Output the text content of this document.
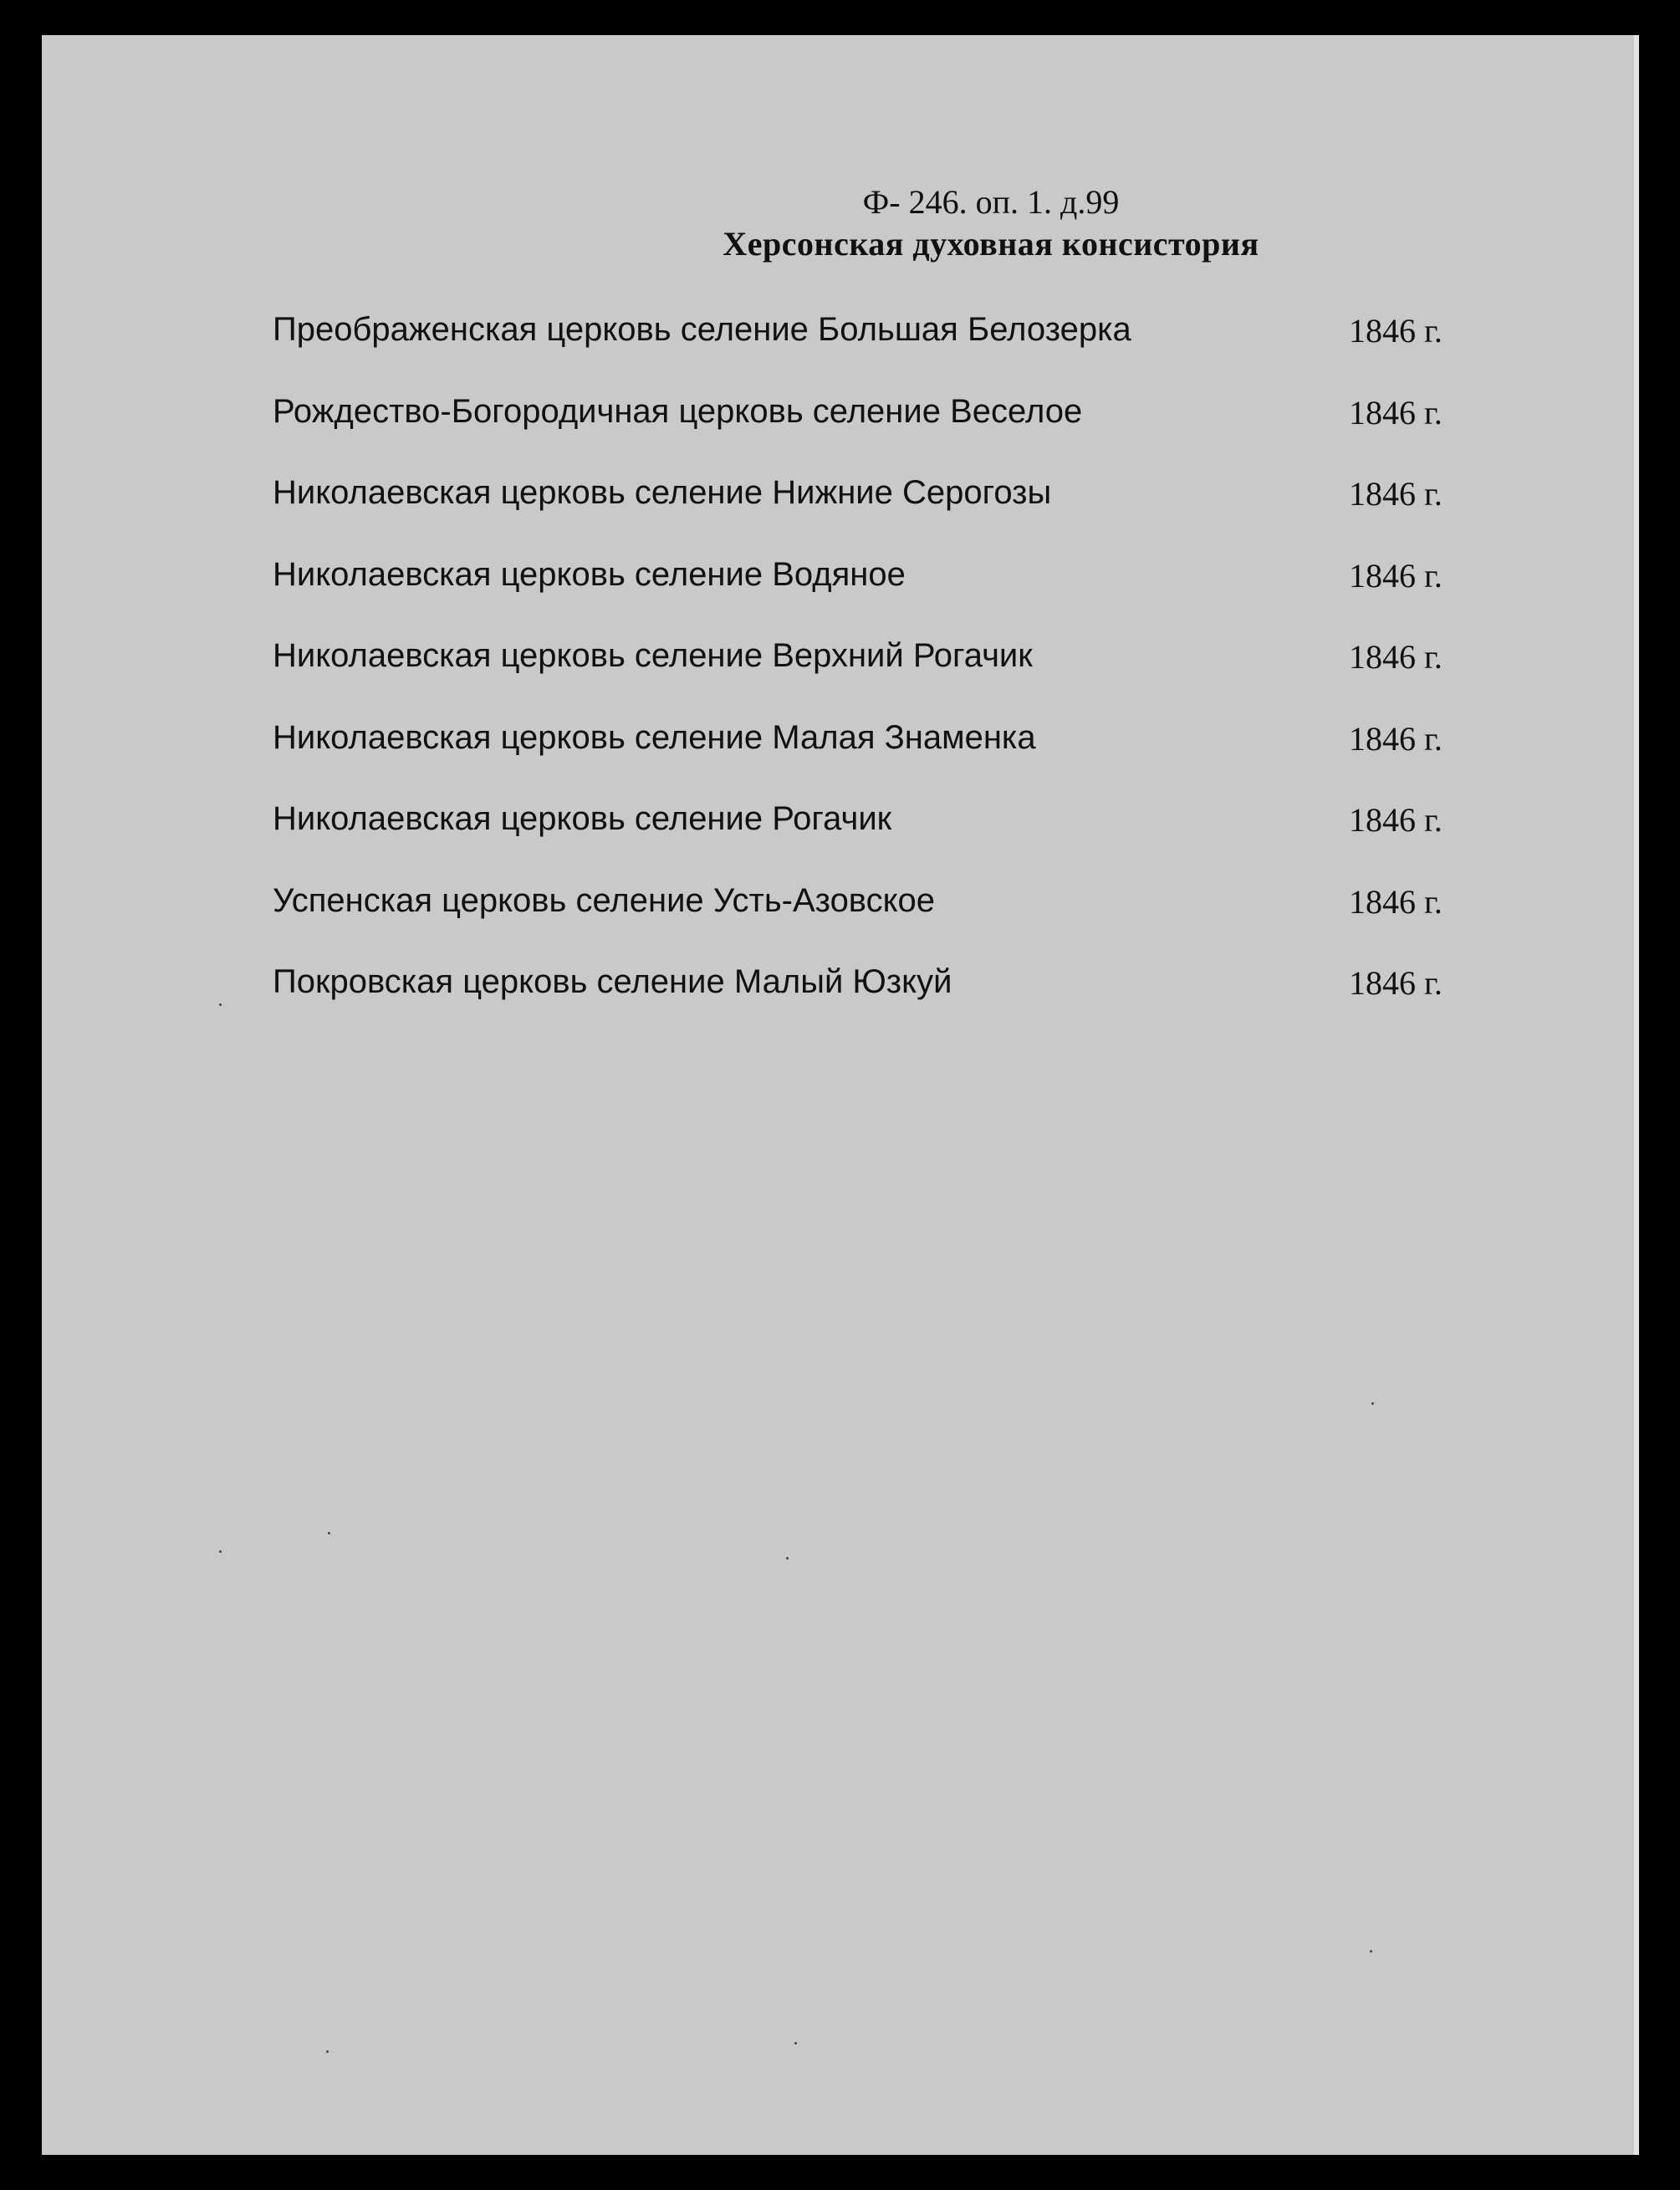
Ф- 246. оп. 1. д.99
Херсонская духовная консистория
Преображенская церковь селение Большая Белозерка	1846 г.
Рождество-Богородичная церковь селение Веселое	1846 г.
Николаевская церковь селение Нижние Серогозы	1846 г.
Николаевская церковь селение Водяное	1846 г.
Николаевская церковь селение Верхний Рогачик	1846 г.
Николаевская церковь селение Малая Знаменка	1846 г.
Николаевская церковь селение Рогачик	1846 г.
Успенская церковь селение Усть-Азовское	1846 г.
Покровская церковь селение Малый Юзкуй	1846 г.
